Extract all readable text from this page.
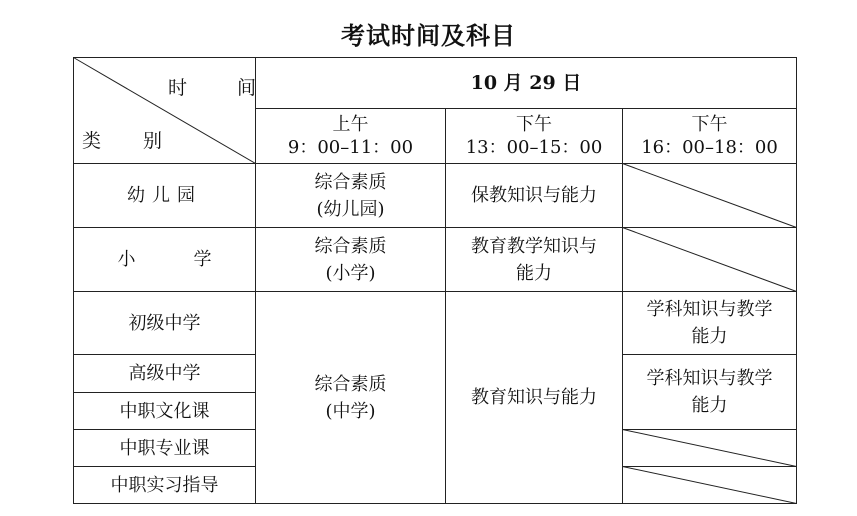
考试时间及科目
时 间
类 别
10 月 29 日
上午
9：00–11：00
下午
13：00–15：00
下午
16：00–18：00
幼儿园
综合素质
(幼儿园)
保教知识与能力
小	学
综合素质
(小学)
教育教学知识与
能力
初级中学
高级中学
中职文化课
中职专业课
中职实习指导
综合素质
(中学)
教育知识与能力
学科知识与教学
能力
学科知识与教学
能力
